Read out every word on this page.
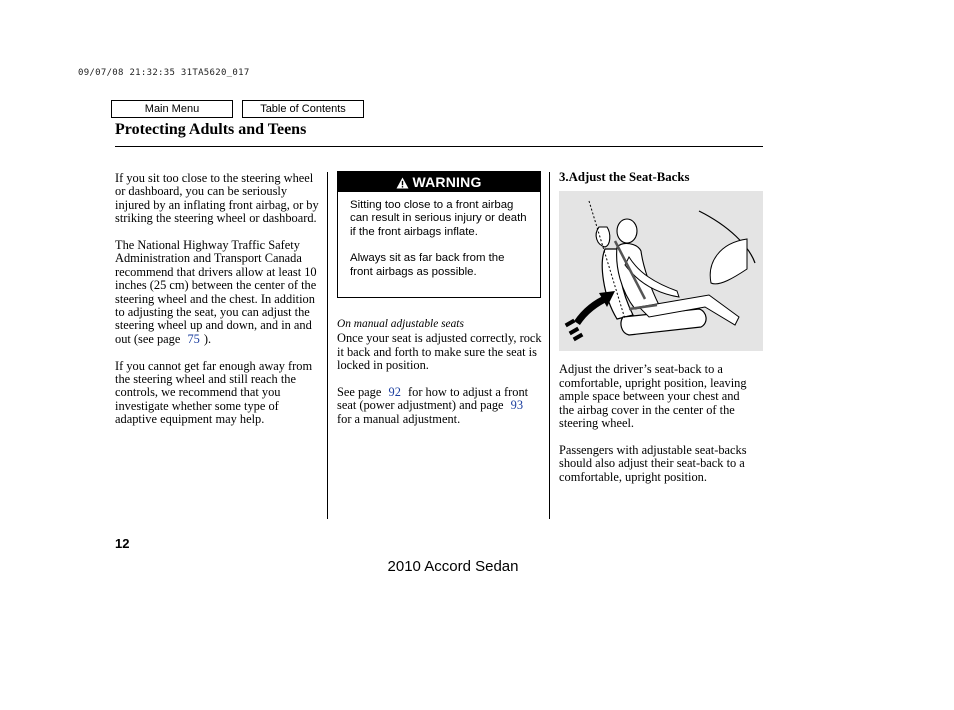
09/07/08 21:32:35 31TA5620_017
Main Menu	Table of Contents
Protecting Adults and Teens

If you sit too close to the steering wheel or dashboard, you can be seriously injured by an inflating front airbag, or by striking the steering wheel or dashboard.

The National Highway Traffic Safety Administration and Transport Canada recommend that drivers allow at least 10 inches (25 cm) between the center of the steering wheel and the chest. In addition to adjusting the seat, you can adjust the steering wheel up and down, and in and out (see page 75 ).

If you cannot get far enough away from the steering wheel and still reach the controls, we recommend that you investigate whether some type of adaptive equipment may help.

WARNING

Sitting too close to a front airbag can result in serious injury or death if the front airbags inflate.

Always sit as far back from the front airbags as possible.

On manual adjustable seats

Once your seat is adjusted correctly, rock it back and forth to make sure the seat is locked in position.

See page 92 for how to adjust a front seat (power adjustment) and page 93 for a manual adjustment.

3.Adjust the Seat-Backs

Adjust the driver’s seat-back to a comfortable, upright position, leaving ample space between your chest and the airbag cover in the center of the steering wheel.

Passengers with adjustable seat-backs should also adjust their seat-back to a comfortable, upright position.

12
2010 Accord Sedan
